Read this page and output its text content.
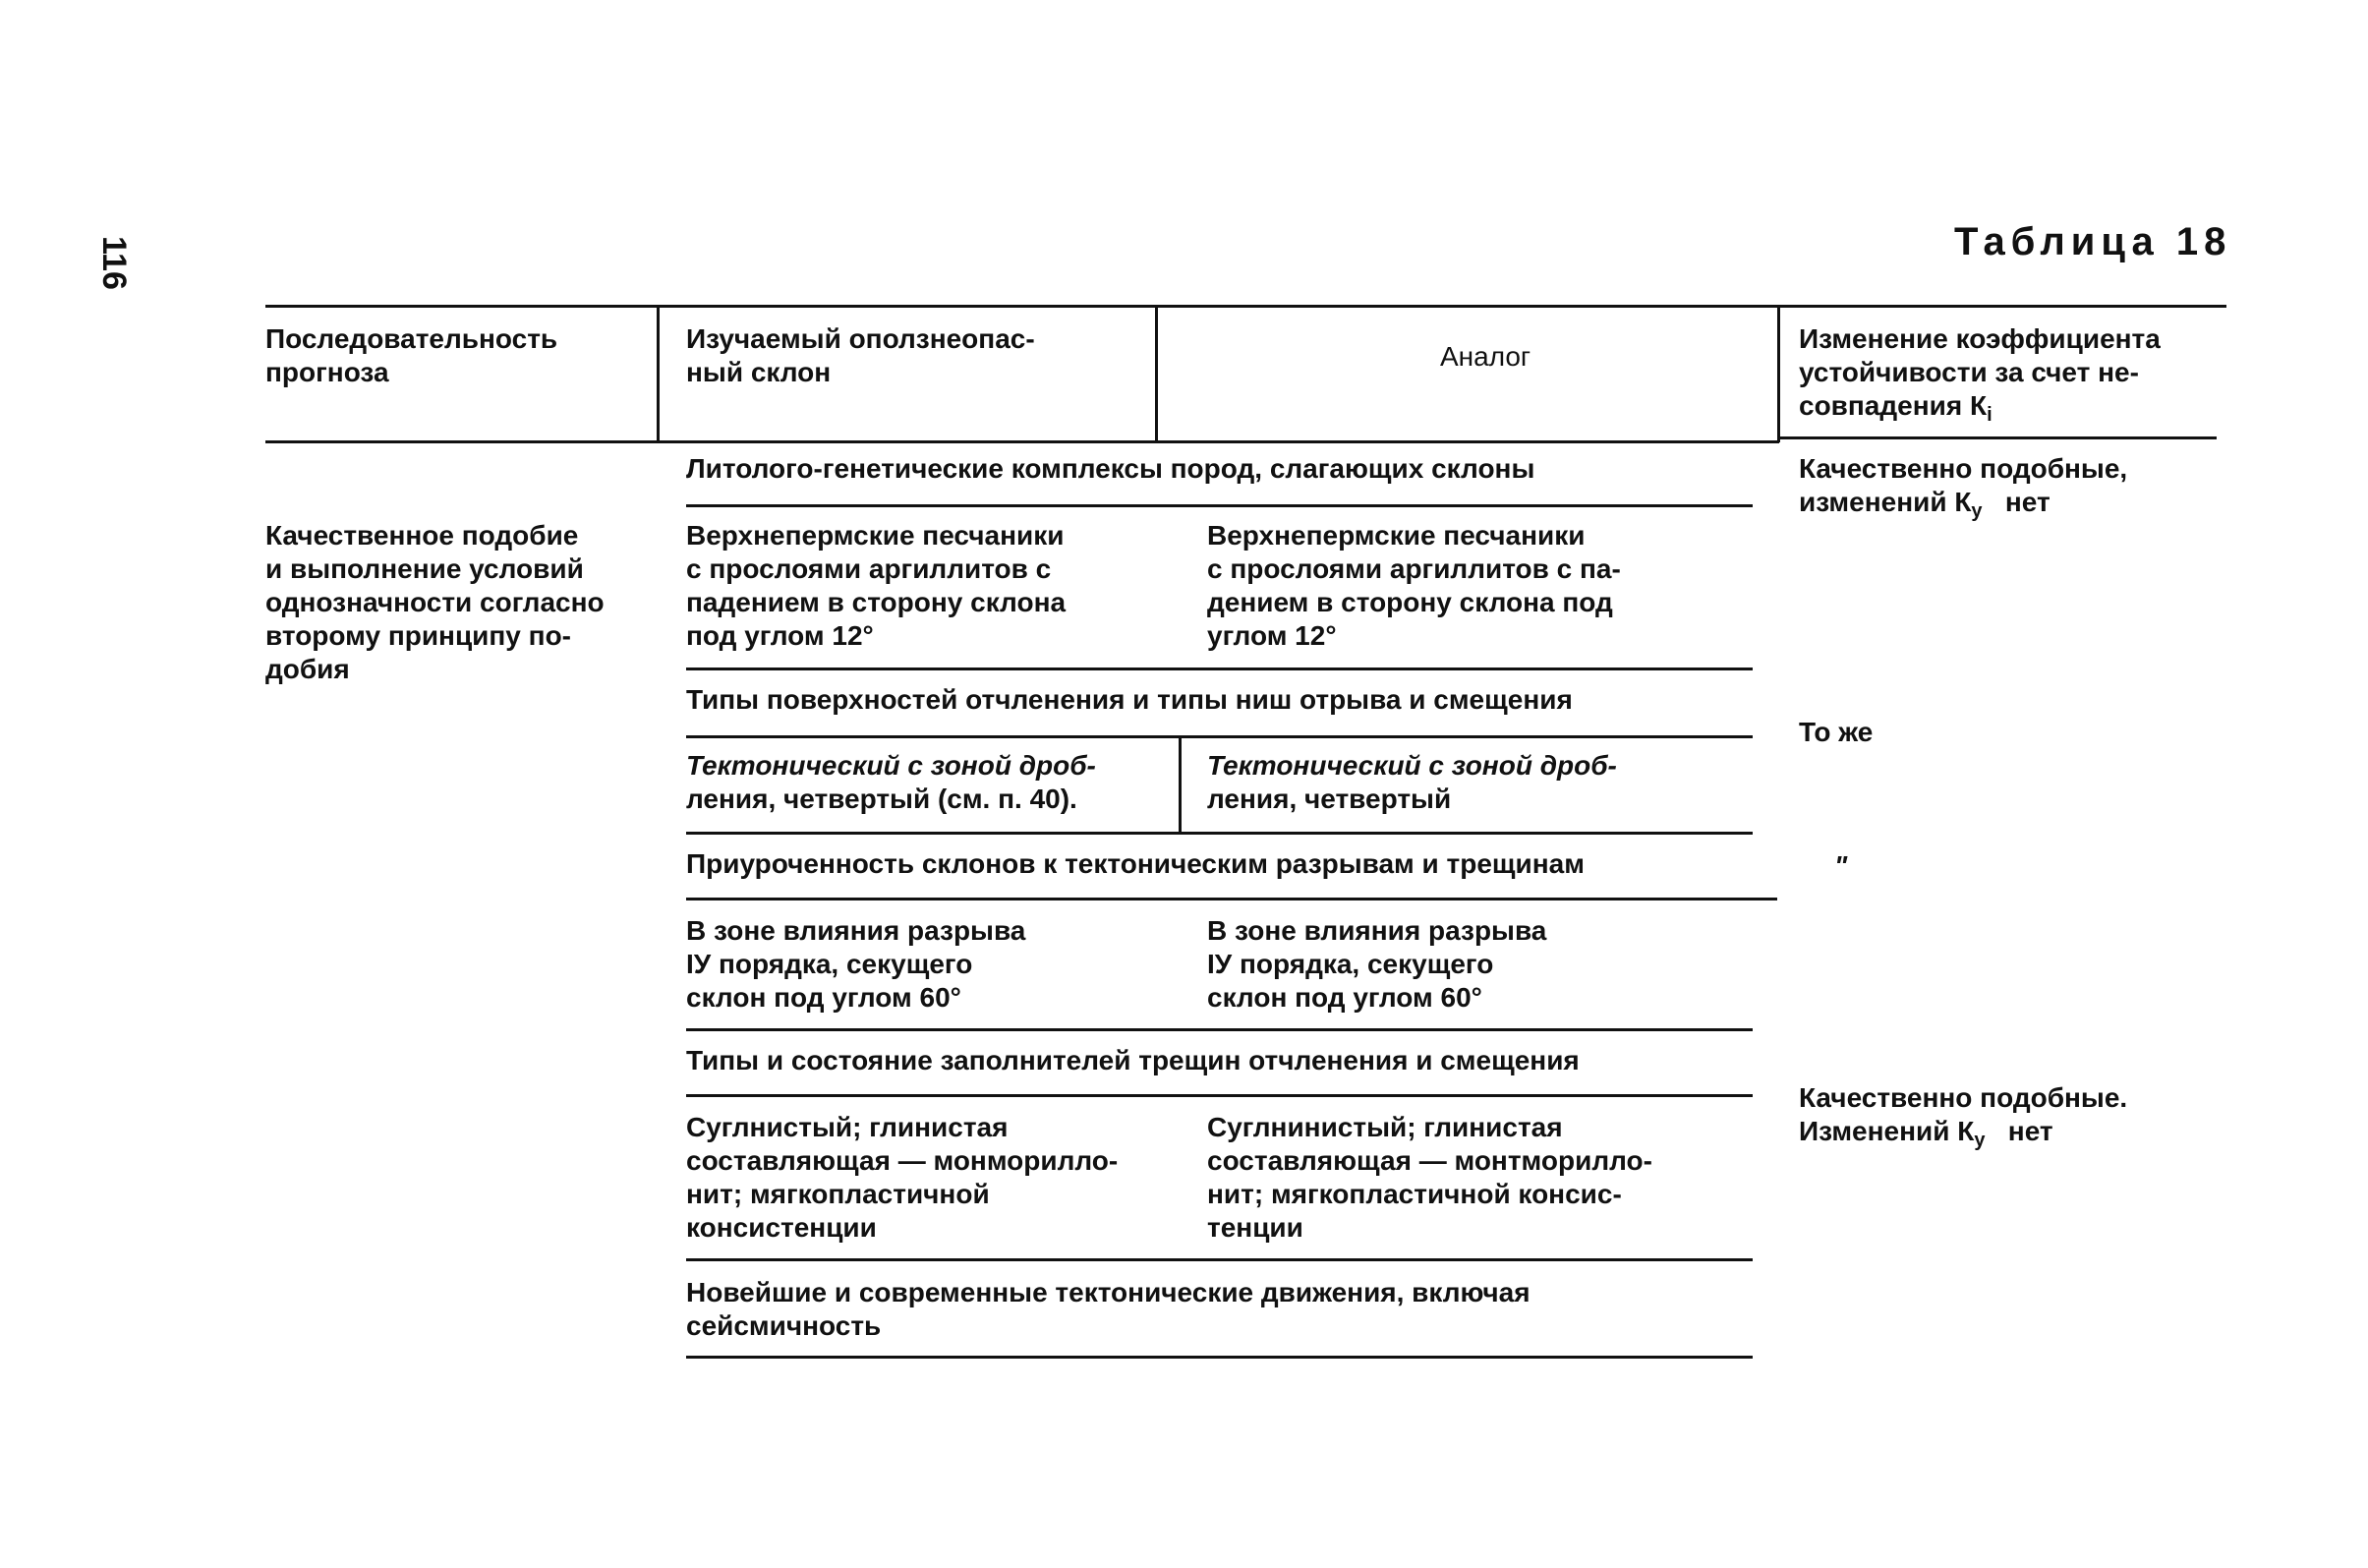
116	Таблица 18
Последовательность
прогноза
Изучаемый оползнеопас-
ный склон
Аналог
Изменение коэффициента
устойчивости за счет не-
совпадения $К_i$
Качественное подобие
и выполнение условий
однозначности согласно
второму принципу по-
добия
Литолого-генетические комплексы пород, слагающих склоны
Верхнепермские песчаники
с прослоями аргиллитов с
падением в сторону склона
под углом 12°
Верхнепермские песчаники
с прослоями аргиллитов с па-
дением в сторону склона под
углом 12°
Качественно подобные,
изменений $К_у$ нет
Типы поверхностей отчленения и типы ниш отрыва и смещения
Тектонический с зоной дроб-
ления, четвертый (см. п. 40).
Тектонический с зоной дроб-
ления, четвертый
То же
Приуроченность склонов к тектоническим разрывам и трещинам
В зоне влияния разрыва
IУ порядка, секущего
склон под углом 60°
В зоне влияния разрыва
IУ порядка, секущего
склон под углом 60°
"
Типы и состояние заполнителей трещин отчленения и смещения
Суглнистый; глинистая
составляющая — монморилло-
нит; мягкопластичной
консистенции
Суглнинистый; глинистая
составляющая — монтморилло-
нит; мягкопластичной консис-
тенции
Качественно подобные.
Изменений $К_у$ нет
Новейшие и современные тектонические движения, включая
сейсмичность
